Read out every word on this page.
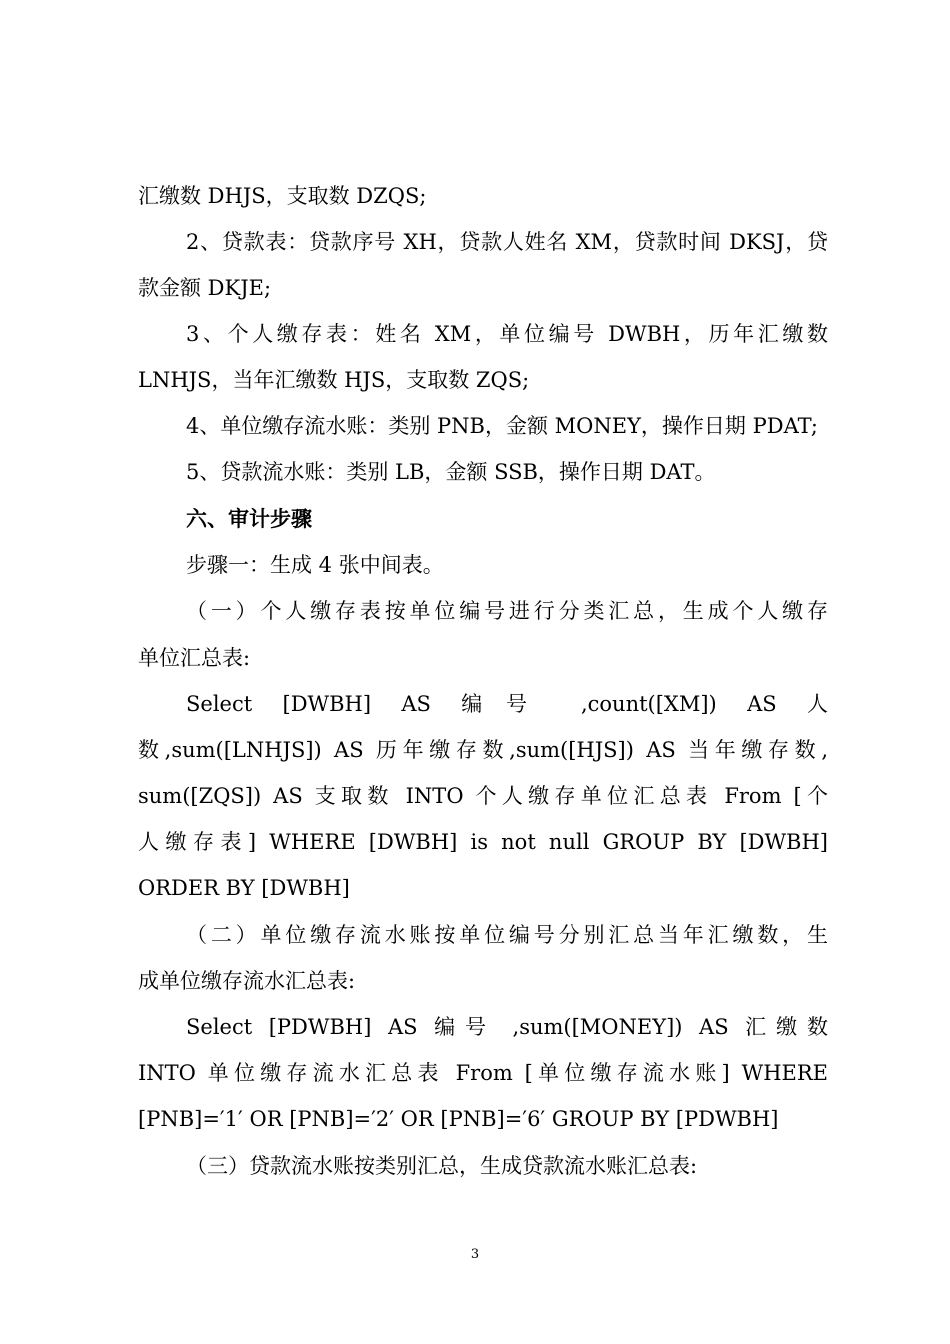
汇缴数 DHJS，支取数 DZQS;
2、贷款表：贷款序号 XH，贷款人姓名 XM，贷款时间 DKSJ，贷
款金额 DKJE;
3、个人缴存表：姓名 XM，单位编号 DWBH，历年汇缴数
LNHJS，当年汇缴数 HJS，支取数 ZQS;
4、单位缴存流水账：类别 PNB，金额 MONEY，操作日期 PDAT;
5、贷款流水账：类别 LB，金额 SSB，操作日期 DAT。
六、审计步骤
步骤一：生成 4 张中间表。
（一）个人缴存表按单位编号进行分类汇总，生成个人缴存
单位汇总表:
Select [DWBH] AS 编号 ,count([XM]) AS 人
数,sum([LNHJS]) AS 历年缴存数,sum([HJS]) AS 当年缴存数,
sum([ZQS]) AS 支取数 INTO 个人缴存单位汇总表 From [个
人缴存表] WHERE [DWBH] is not null GROUP BY [DWBH]
ORDER BY [DWBH]
（二）单位缴存流水账按单位编号分别汇总当年汇缴数，生
成单位缴存流水汇总表:
Select [PDWBH] AS 编号 ,sum([MONEY]) AS 汇缴数
INTO 单位缴存流水汇总表 From [单位缴存流水账] WHERE
[PNB]=′1′ OR [PNB]=′2′ OR [PNB]=′6′ GROUP BY [PDWBH]
（三）贷款流水账按类别汇总，生成贷款流水账汇总表:
3
